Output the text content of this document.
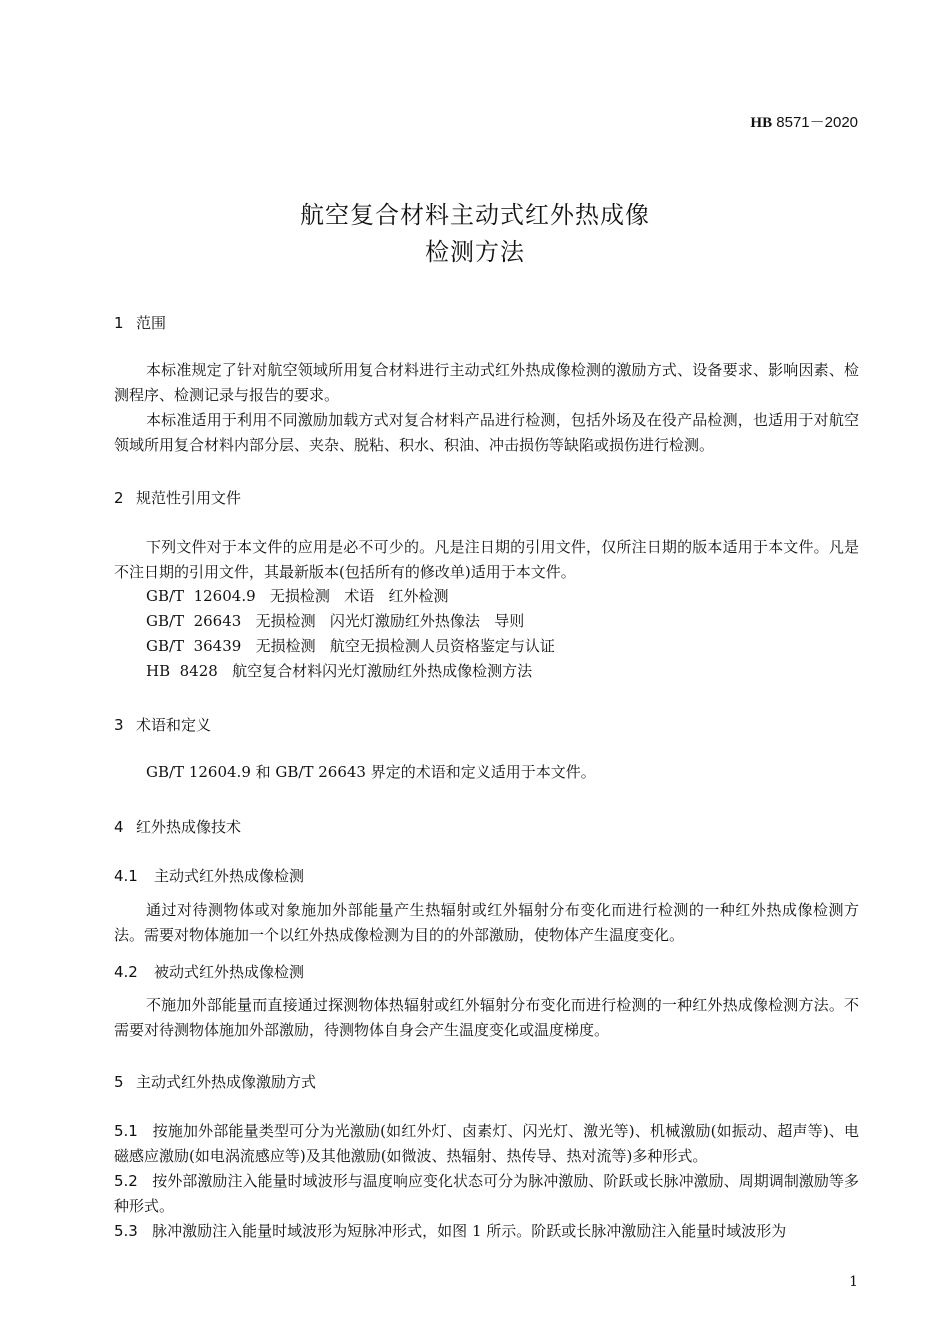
HB 8571－2020
航空复合材料主动式红外热成像
检测方法
1 范围
本标准规定了针对航空领域所用复合材料进行主动式红外热成像检测的激励方式、设备要求、影响因素、检测程序、检测记录与报告的要求。
本标准适用于利用不同激励加载方式对复合材料产品进行检测，包括外场及在役产品检测，也适用于对航空领域所用复合材料内部分层、夹杂、脱粘、积水、积油、冲击损伤等缺陷或损伤进行检测。
2 规范性引用文件
下列文件对于本文件的应用是必不可少的。凡是注日期的引用文件，仅所注日期的版本适用于本文件。凡是不注日期的引用文件，其最新版本(包括所有的修改单)适用于本文件。
GB/T  12604.9   无损检测   术语   红外检测
GB/T  26643   无损检测   闪光灯激励红外热像法   导则
GB/T  36439   无损检测   航空无损检测人员资格鉴定与认证
HB  8428   航空复合材料闪光灯激励红外热成像检测方法
3 术语和定义
GB/T 12604.9 和 GB/T 26643 界定的术语和定义适用于本文件。
4 红外热成像技术
4.1 主动式红外热成像检测
通过对待测物体或对象施加外部能量产生热辐射或红外辐射分布变化而进行检测的一种红外热成像检测方法。需要对物体施加一个以红外热成像检测为目的的外部激励，使物体产生温度变化。
4.2 被动式红外热成像检测
不施加外部能量而直接通过探测物体热辐射或红外辐射分布变化而进行检测的一种红外热成像检测方法。不需要对待测物体施加外部激励，待测物体自身会产生温度变化或温度梯度。
5 主动式红外热成像激励方式
5.1 按施加外部能量类型可分为光激励(如红外灯、卤素灯、闪光灯、激光等)、机械激励(如振动、超声等)、电磁感应激励(如电涡流感应等)及其他激励(如微波、热辐射、热传导、热对流等)多种形式。
5.2 按外部激励注入能量时域波形与温度响应变化状态可分为脉冲激励、阶跃或长脉冲激励、周期调制激励等多种形式。
5.3 脉冲激励注入能量时域波形为短脉冲形式，如图 1 所示。阶跃或长脉冲激励注入能量时域波形为
1
